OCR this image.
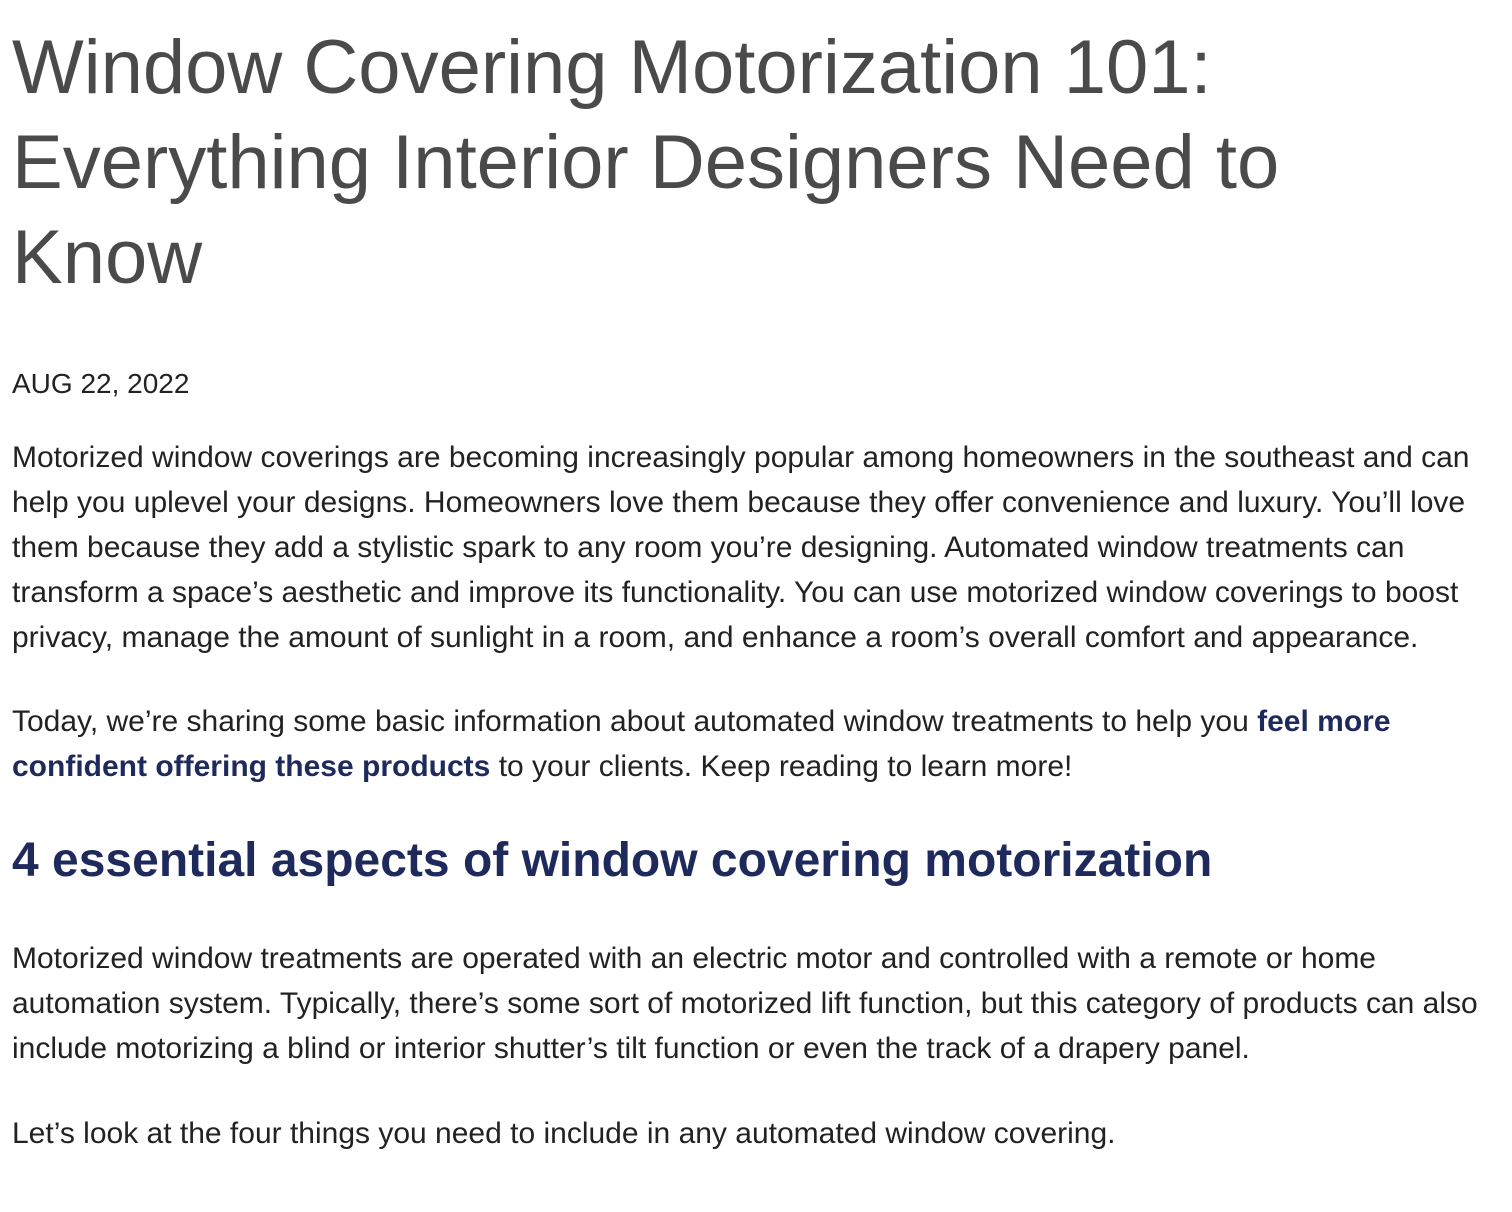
Window Covering Motorization 101: Everything Interior Designers Need to Know
AUG 22, 2022

Motorized window coverings are becoming increasingly popular among homeowners in the southeast and can help you uplevel your designs. Homeowners love them because they offer convenience and luxury. You’ll love them because they add a stylistic spark to any room you’re designing. Automated window treatments can transform a space’s aesthetic and improve its functionality. You can use motorized window coverings to boost privacy, manage the amount of sunlight in a room, and enhance a room’s overall comfort and appearance.

Today, we’re sharing some basic information about automated window treatments to help you feel more confident offering these products to your clients. Keep reading to learn more!

4 essential aspects of window covering motorization

Motorized window treatments are operated with an electric motor and controlled with a remote or home automation system. Typically, there’s some sort of motorized lift function, but this category of products can also include motorizing a blind or interior shutter’s tilt function or even the track of a drapery panel.

Let’s look at the four things you need to include in any automated window covering.
